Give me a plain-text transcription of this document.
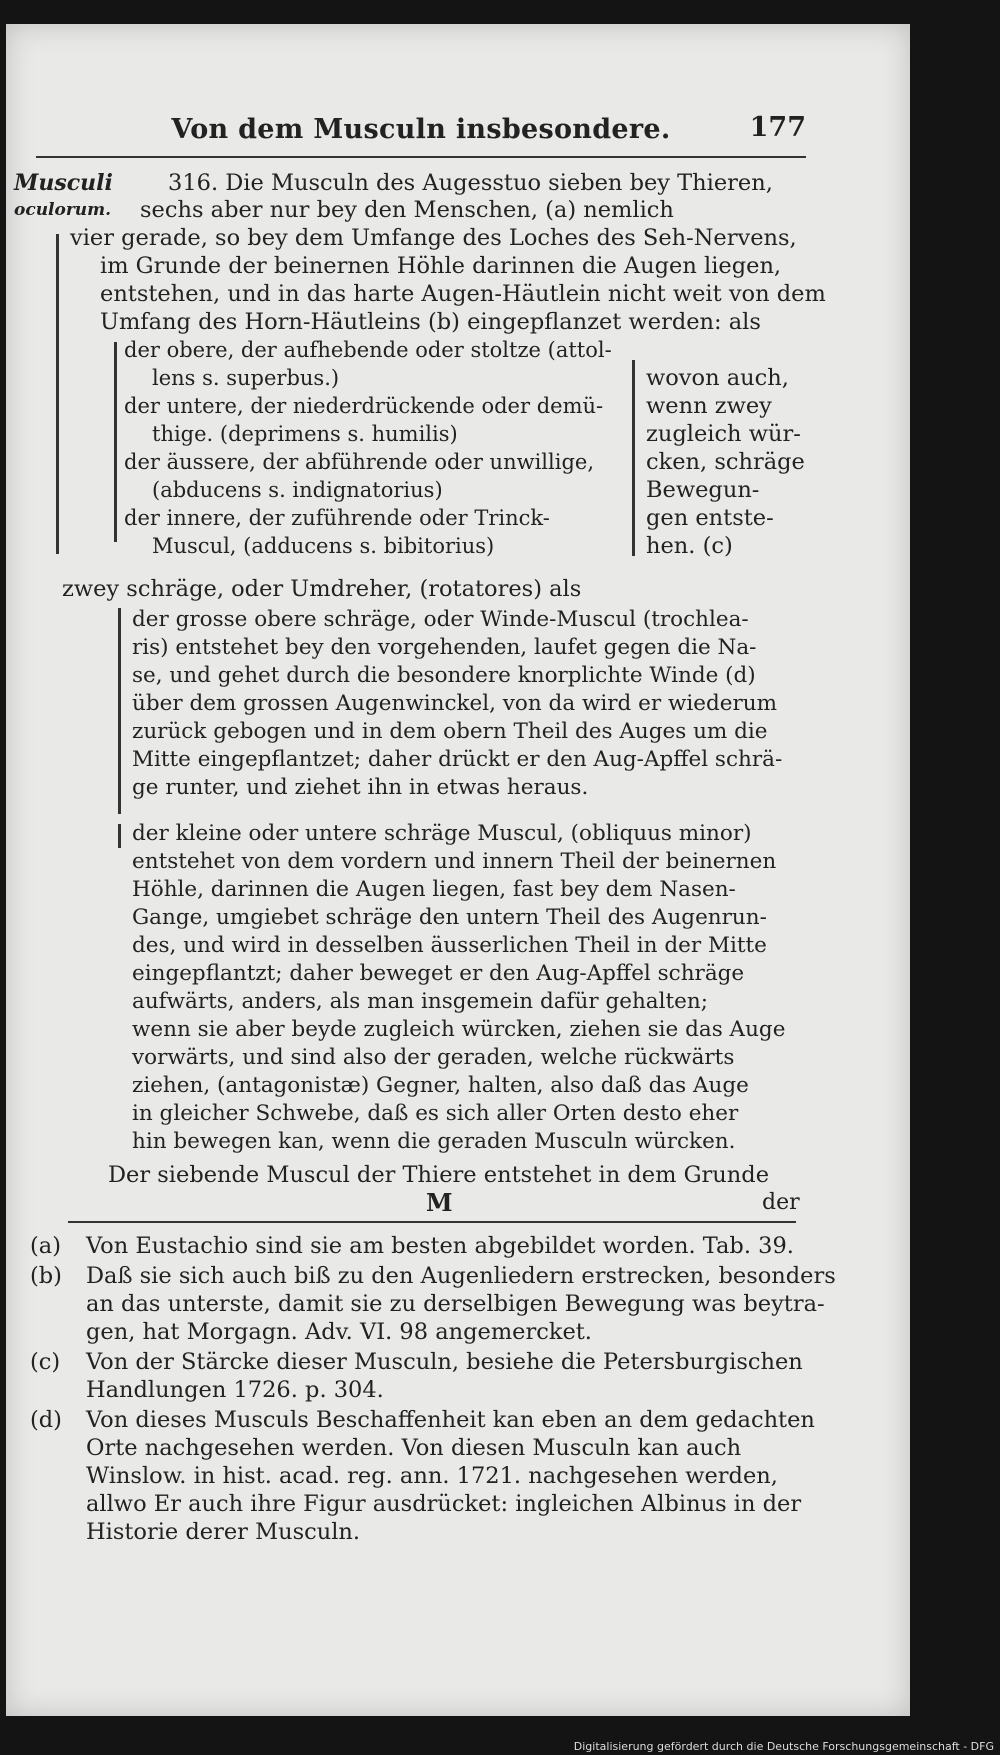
Von dem Musculn insbesondere.	177
Musculi
oculorum.
316. Die Musculn des Augesstuo sieben bey Thieren,
sechs aber nur bey den Menschen, (a) nemlich
vier gerade, so bey dem Umfange des Loches des Seh-Nervens,
im Grunde der beinernen Höhle darinnen die Augen liegen,
entstehen, und in das harte Augen-Häutlein nicht weit von dem
Umfang des Horn-Häutleins (b) eingepflanzet werden: als
der obere, der aufhebende oder stoltze (attol-
lens s. superbus.)
der untere, der niederdrückende oder demü-
thige. (deprimens s. humilis)
der äussere, der abführende oder unwillige,
(abducens s. indignatorius)
der innere, der zuführende oder Trinck-
Muscul, (adducens s. bibitorius)
wovon auch,
wenn zwey
zugleich wür-
cken, schräge
Bewegun-
gen entste-
hen. (c)
zwey schräge, oder Umdreher, (rotatores) als
der grosse obere schräge, oder Winde-Muscul (trochlea-
ris) entstehet bey den vorgehenden, laufet gegen die Na-
se, und gehet durch die besondere knorplichte Winde (d)
über dem grossen Augenwinckel, von da wird er wiederum
zurück gebogen und in dem obern Theil des Auges um die
Mitte eingepflantzet; daher drückt er den Aug-Apffel schrä-
ge runter, und ziehet ihn in etwas heraus.
der kleine oder untere schräge Muscul, (obliquus minor)
entstehet von dem vordern und innern Theil der beinernen
Höhle, darinnen die Augen liegen, fast bey dem Nasen-
Gange, umgiebet schräge den untern Theil des Augenrun-
des, und wird in desselben äusserlichen Theil in der Mitte
eingepflantzt; daher beweget er den Aug-Apffel schräge
aufwärts, anders, als man insgemein dafür gehalten;
wenn sie aber beyde zugleich würcken, ziehen sie das Auge
vorwärts, und sind also der geraden, welche rückwärts
ziehen, (antagonistæ) Gegner, halten, also daß das Auge
in gleicher Schwebe, daß es sich aller Orten desto eher
hin bewegen kan, wenn die geraden Musculn würcken.
Der siebende Muscul der Thiere entstehet in dem Grunde
M	der
(a) Von Eustachio sind sie am besten abgebildet worden. Tab. 39.
(b) Daß sie sich auch biß zu den Augenliedern erstrecken, besonders
an das unterste, damit sie zu derselbigen Bewegung was beytra-
gen, hat Morgagn. Adv. VI. 98 angemercket.
(c) Von der Stärcke dieser Musculn, besiehe die Petersburgischen
Handlungen 1726. p. 304.
(d) Von dieses Musculs Beschaffenheit kan eben an dem gedachten
Orte nachgesehen werden. Von diesen Musculn kan auch
Winslow. in hist. acad. reg. ann. 1721. nachgesehen werden,
allwo Er auch ihre Figur ausdrücket: ingleichen Albinus in der
Historie derer Musculn.
Digitalisierung gefördert durch die Deutsche Forschungsgemeinschaft - DFG
